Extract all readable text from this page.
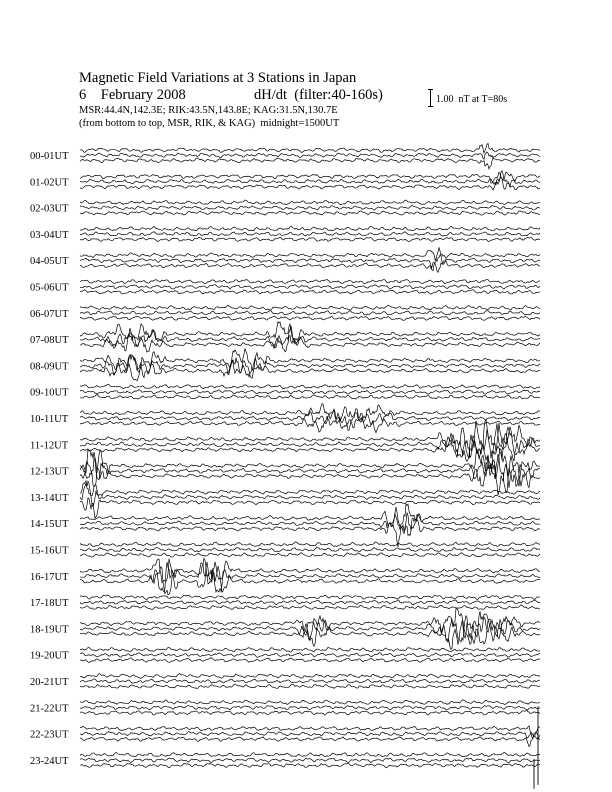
Magnetic Field Variations at 3 Stations in Japan
6    February 2008	dH/dt  (filter:40-160s)
MSR:44.4N,142.3E; RIK:43.5N,143.8E; KAG:31.5N,130.7E
(from bottom to top, MSR, RIK, & KAG)  midnight=1500UT
1.00  nT at T=80s
00-01UT
01-02UT
02-03UT
03-04UT
04-05UT
05-06UT
06-07UT
07-08UT
08-09UT
09-10UT
10-11UT
11-12UT
12-13UT
13-14UT
14-15UT
15-16UT
16-17UT
17-18UT
18-19UT
19-20UT
20-21UT
21-22UT
22-23UT
23-24UT
